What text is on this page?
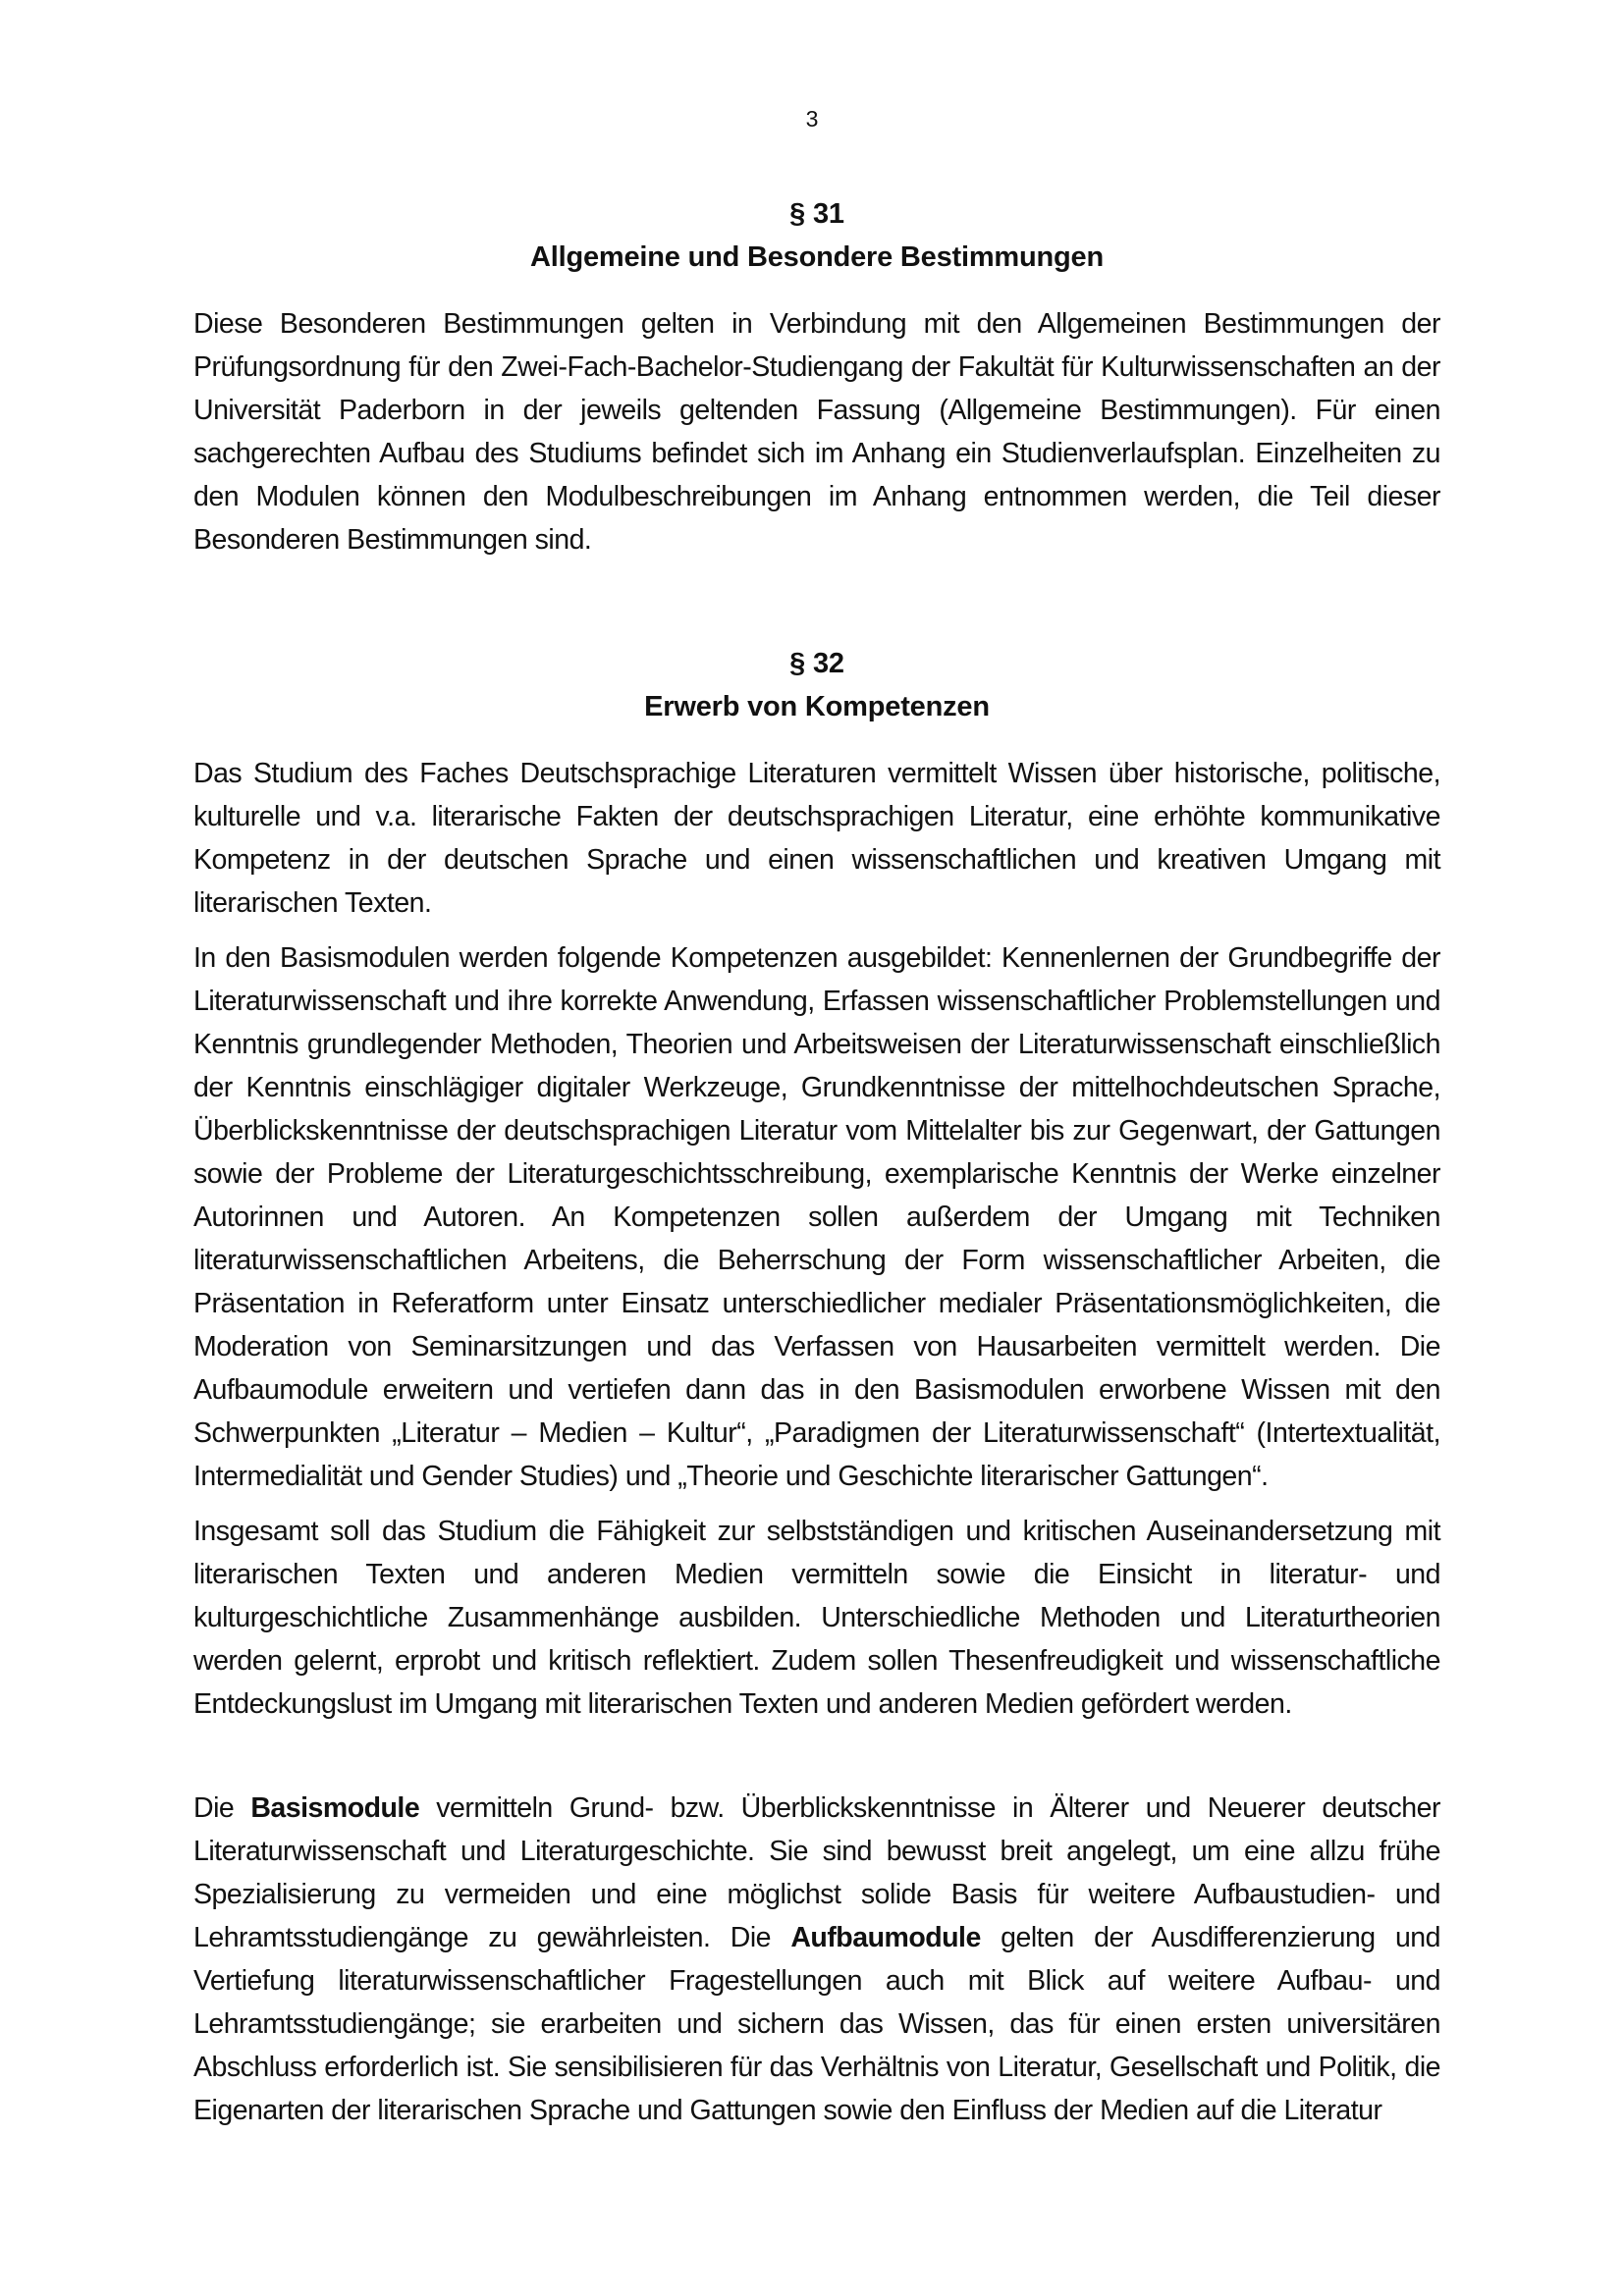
3
§ 31
Allgemeine und Besondere Bestimmungen

Diese Besonderen Bestimmungen gelten in Verbindung mit den Allgemeinen Bestimmungen der Prüfungsordnung für den Zwei-Fach-Bachelor-Studiengang der Fakultät für Kulturwissenschaften an der Universität Paderborn in der jeweils geltenden Fassung (Allgemeine Bestimmungen). Für einen sachgerechten Aufbau des Studiums befindet sich im Anhang ein Studienverlaufsplan. Einzelheiten zu den Modulen können den Modulbeschreibungen im Anhang entnommen werden, die Teil dieser Besonderen Bestimmungen sind.

§ 32
Erwerb von Kompetenzen

Das Studium des Faches Deutschsprachige Literaturen vermittelt Wissen über historische, politische, kulturelle und v.a. literarische Fakten der deutschsprachigen Literatur, eine erhöhte kommunikative Kompetenz in der deutschen Sprache und einen wissenschaftlichen und kreativen Umgang mit literarischen Texten.

In den Basismodulen werden folgende Kompetenzen ausgebildet: Kennenlernen der Grundbegriffe der Literaturwissenschaft und ihre korrekte Anwendung, Erfassen wissenschaftlicher Problemstellungen und Kenntnis grundlegender Methoden, Theorien und Arbeitsweisen der Literaturwissenschaft einschließlich der Kenntnis einschlägiger digitaler Werkzeuge, Grundkenntnisse der mittelhochdeutschen Sprache, Überblickskenntnisse der deutschsprachigen Literatur vom Mittelalter bis zur Gegenwart, der Gattungen sowie der Probleme der Literaturgeschichtsschreibung, exemplarische Kenntnis der Werke einzelner Autorinnen und Autoren. An Kompetenzen sollen außerdem der Umgang mit Techniken literaturwissenschaftlichen Arbeitens, die Beherrschung der Form wissenschaftlicher Arbeiten, die Präsentation in Referatform unter Einsatz unterschiedlicher medialer Präsentationsmöglichkeiten, die Moderation von Seminarsitzungen und das Verfassen von Hausarbeiten vermittelt werden. Die Aufbaumodule erweitern und vertiefen dann das in den Basismodulen erworbene Wissen mit den Schwerpunkten „Literatur – Medien – Kultur“, „Paradigmen der Literaturwissenschaft“ (Intertextualität, Intermedialität und Gender Studies) und „Theorie und Geschichte literarischer Gattungen“.

Insgesamt soll das Studium die Fähigkeit zur selbstständigen und kritischen Auseinandersetzung mit literarischen Texten und anderen Medien vermitteln sowie die Einsicht in literatur- und kulturgeschichtliche Zusammenhänge ausbilden. Unterschiedliche Methoden und Literaturtheorien werden gelernt, erprobt und kritisch reflektiert. Zudem sollen Thesenfreudigkeit und wissenschaftliche Entdeckungslust im Umgang mit literarischen Texten und anderen Medien gefördert werden.

Die Basismodule vermitteln Grund- bzw. Überblickskenntnisse in Älterer und Neuerer deutscher Literaturwissenschaft und Literaturgeschichte. Sie sind bewusst breit angelegt, um eine allzu frühe Spezialisierung zu vermeiden und eine möglichst solide Basis für weitere Aufbaustudien- und Lehramtsstudiengänge zu gewährleisten. Die Aufbaumodule gelten der Ausdifferenzierung und Vertiefung literaturwissenschaftlicher Fragestellungen auch mit Blick auf weitere Aufbau- und Lehramtsstudiengänge; sie erarbeiten und sichern das Wissen, das für einen ersten universitären Abschluss erforderlich ist. Sie sensibilisieren für das Verhältnis von Literatur, Gesellschaft und Politik, die Eigenarten der literarischen Sprache und Gattungen sowie den Einfluss der Medien auf die Literatur
